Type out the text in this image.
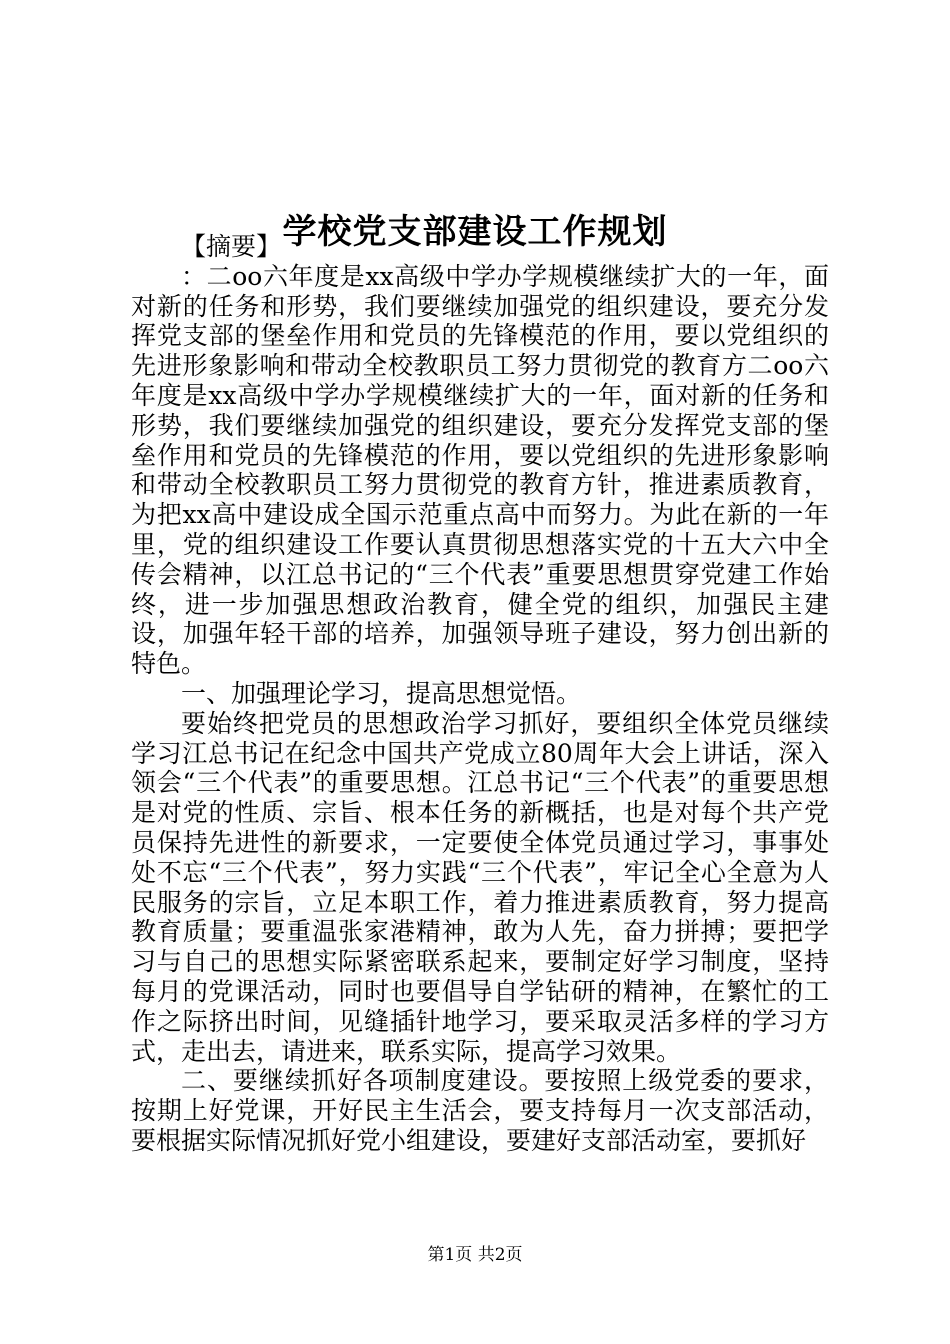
学校党支部建设工作规划

【摘要】

：二oo六年度是xx高级中学办学规模继续扩大的一年，面对新的任务和形势，我们要继续加强党的组织建设，要充分发挥党支部的堡垒作用和党员的先锋模范的作用，要以党组织的先进形象影响和带动全校教职员工努力贯彻党的教育方二oo六年度是xx高级中学办学规模继续扩大的一年，面对新的任务和形势，我们要继续加强党的组织建设，要充分发挥党支部的堡垒作用和党员的先锋模范的作用，要以党组织的先进形象影响和带动全校教职员工努力贯彻党的教育方针，推进素质教育，为把xx高中建设成全国示范重点高中而努力。为此在新的一年里，党的组织建设工作要认真贯彻思想落实党的十五大六中全传会精神，以江总书记的“三个代表”重要思想贯穿党建工作始终，进一步加强思想政治教育，健全党的组织，加强民主建设，加强年轻干部的培养，加强领导班子建设，努力创出新的特色。

一、加强理论学习，提高思想觉悟。

要始终把党员的思想政治学习抓好，要组织全体党员继续学习江总书记在纪念中国共产党成立80周年大会上讲话，深入领会“三个代表”的重要思想。江总书记“三个代表”的重要思想是对党的性质、宗旨、根本任务的新概括，也是对每个共产党员保持先进性的新要求，一定要使全体党员通过学习，事事处处不忘“三个代表”，努力实践“三个代表”，牢记全心全意为人民服务的宗旨，立足本职工作，着力推进素质教育，努力提高教育质量；要重温张家港精神，敢为人先，奋力拼搏；要把学习与自己的思想实际紧密联系起来，要制定好学习制度，坚持每月的党课活动，同时也要倡导自学钻研的精神，在繁忙的工作之际挤出时间，见缝插针地学习，要采取灵活多样的学习方式，走出去，请进来，联系实际，提高学习效果。

二、要继续抓好各项制度建设。要按照上级党委的要求，按期上好党课，开好民主生活会，要支持每月一次支部活动，要根据实际情况抓好党小组建设，要建好支部活动室，要抓好

第1页 共2页
